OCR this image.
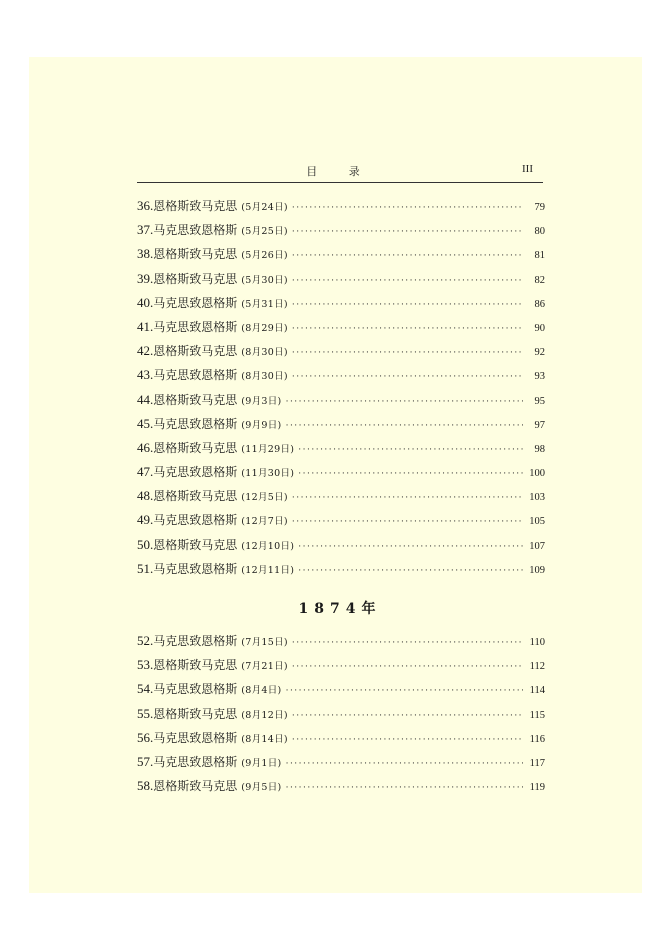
目 录	III
36. 恩格斯致马克思 (5月24日) ·····	79
37. 马克思致恩格斯 (5月25日) ·····	80
38. 恩格斯致马克思 (5月26日) ·····	81
39. 恩格斯致马克思 (5月30日) ·····	82
40. 马克思致恩格斯 (5月31日) ·····	86
41. 马克思致恩格斯 (8月29日) ·····	90
42. 恩格斯致马克思 (8月30日) ·····	92
43. 马克思致恩格斯 (8月30日) ·····	93
44. 恩格斯致马克思 (9月3日) ·····	95
45. 马克思致恩格斯 (9月9日) ·····	97
46. 恩格斯致马克思 (11月29日) ·····	98
47. 马克思致恩格斯 (11月30日) ·····	100
48. 恩格斯致马克思 (12月5日) ·····	103
49. 马克思致恩格斯 (12月7日) ·····	105
50. 恩格斯致马克思 (12月10日) ·····	107
51. 马克思致恩格斯 (12月11日) ·····	109
1874年
52. 马克思致恩格斯 (7月15日) ·····	110
53. 恩格斯致马克思 (7月21日) ·····	112
54. 马克思致恩格斯 (8月4日) ·····	114
55. 恩格斯致马克思 (8月12日) ·····	115
56. 马克思致恩格斯 (8月14日) ·····	116
57. 马克思致恩格斯 (9月1日) ·····	117
58. 恩格斯致马克思 (9月5日) ·····	119
